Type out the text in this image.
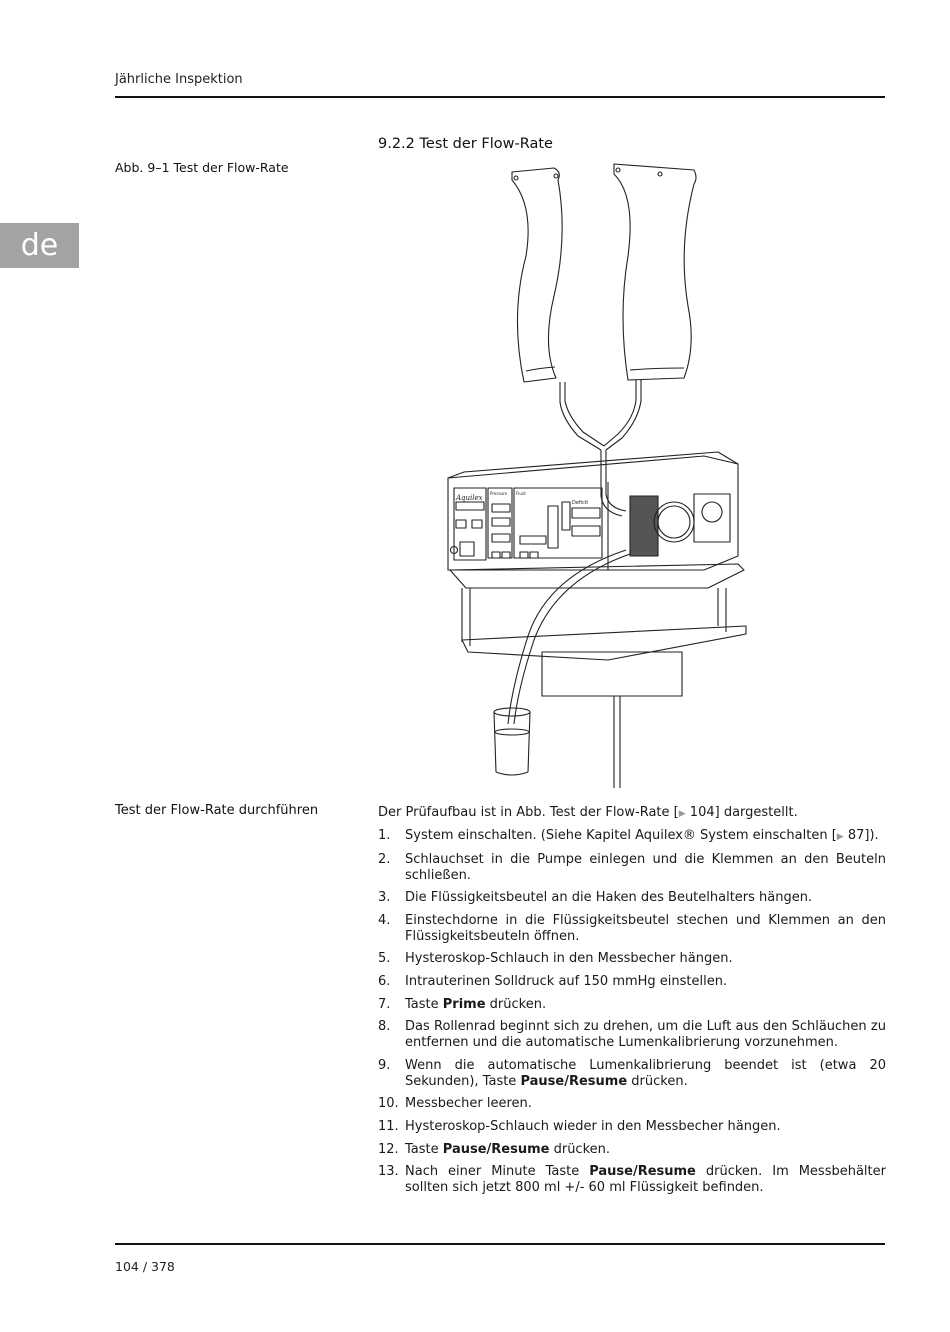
Jährliche Inspektion
de
9.2.2 Test der Flow-Rate
Abb. 9–1 Test der Flow-Rate
Aquilex
Pressure Fluid
Deficit
Test der Flow-Rate durchführen	Der Prüfaufbau ist in Abb. Test der Flow-Rate [▶ 104] dargestellt.
1. System einschalten. (Siehe Kapitel Aquilex® System einschalten [▶ 87]).
2. Schlauchset in die Pumpe einlegen und die Klemmen an den Beuteln schließen.
3. Die Flüssigkeitsbeutel an die Haken des Beutelhalters hängen.
4. Einstechdorne in die Flüssigkeitsbeutel stechen und Klemmen an den Flüssigkeitsbeuteln öffnen.
5. Hysteroskop-Schlauch in den Messbecher hängen.
6. Intrauterinen Solldruck auf 150 mmHg einstellen.
7. Taste Prime drücken.
8. Das Rollenrad beginnt sich zu drehen, um die Luft aus den Schläuchen zu entfernen und die automatische Lumenkalibrierung vorzunehmen.
9. Wenn die automatische Lumenkalibrierung beendet ist (etwa 20 Sekunden), Taste Pause/Resume drücken.
10. Messbecher leeren.
11. Hysteroskop-Schlauch wieder in den Messbecher hängen.
12. Taste Pause/Resume drücken.
13. Nach einer Minute Taste Pause/Resume drücken. Im Messbehälter sollten sich jetzt 800 ml +/- 60 ml Flüssigkeit befinden.
104 / 378
